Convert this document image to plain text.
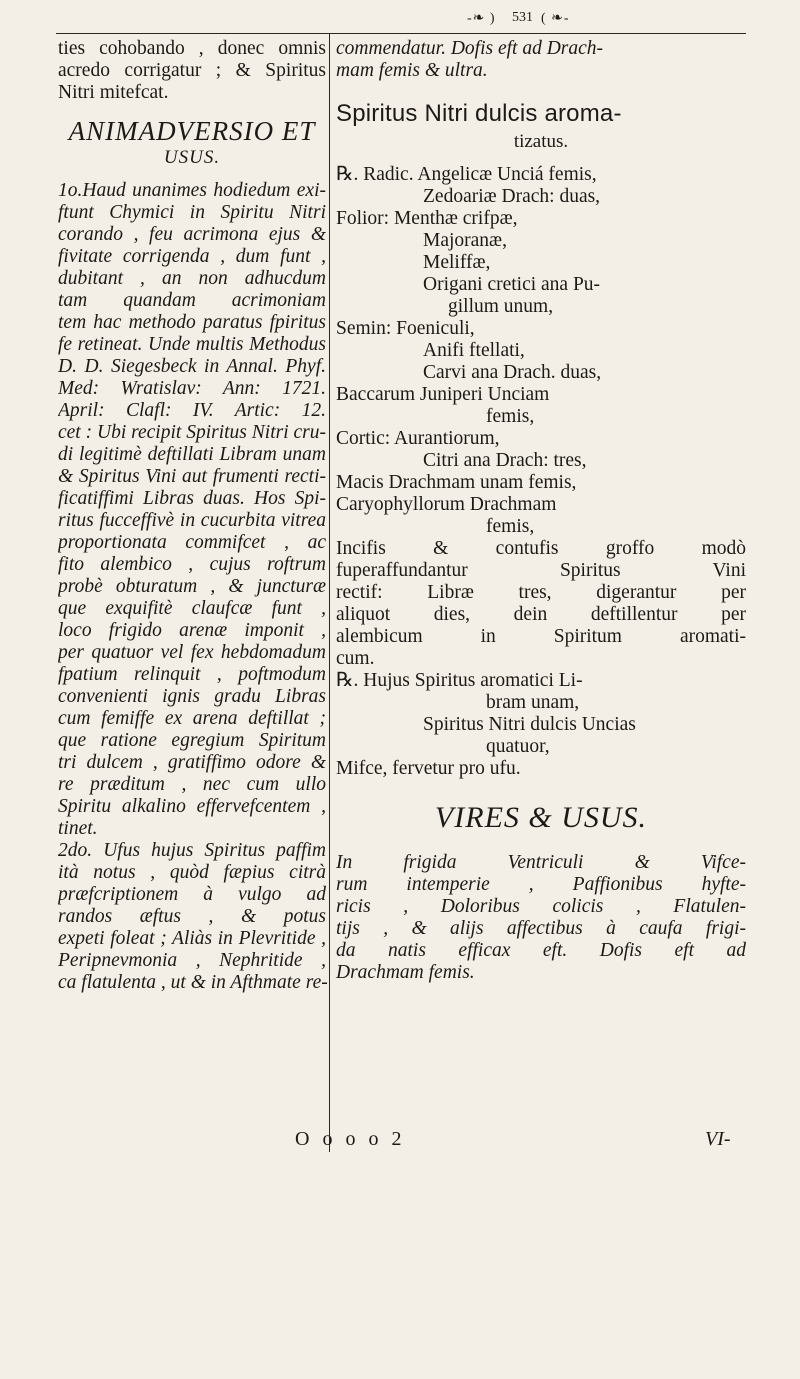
-❧ ) 531 ( ❧-
ties cohobando , donec omnis
acredo corrigatur ; & Spiritus
Nitri mitefcat.
ANIMADVERSIO ET
USUS.
1o.Haud unanimes hodiedum exi-
ftunt Chymici in Spiritu Nitri
corando , feu acrimona ejus &
fivitate corrigenda , dum funt ,
dubitant , an non adhucdum
tam quandam acrimoniam
tem hac methodo paratus fpiritus
fe retineat. Unde multis Methodus
D. D. Siegesbeck in Annal. Phyf.
Med: Wratislav: Ann: 1721.
April: Clafl: IV. Artic: 12.
cet : Ubi recipit Spiritus Nitri cru-
di legitimè deftillati Libram unam
& Spiritus Vini aut frumenti recti-
ficatiffimi Libras duas. Hos Spi-
ritus fucceffivè in cucurbita vitrea
proportionata commifcet , ac
fito alembico , cujus roftrum
probè obturatum , & juncturæ
que exquifitè claufcæ funt ,
loco frigido arenæ imponit ,
per quatuor vel fex hebdomadum
fpatium relinquit , poftmodum
convenienti ignis gradu Libras
cum femiffe ex arena deftillat ;
que ratione egregium Spiritum
tri dulcem , gratiffimo odore &
re præditum , nec cum ullo
Spiritu alkalino effervefcentem ,
tinet.
2do. Ufus hujus Spiritus paffim
ità notus , quòd fæpius citrà
præfcriptionem à vulgo ad
randos æftus , & potus
expeti foleat ; Aliàs in Plevritide ,
Peripnevmonia , Nephritide ,
ca flatulenta , ut & in Afthmate re-
commendatur. Dofis eft ad Drach-
mam femis & ultra.
Spiritus Nitri dulcis aroma-
tizatus.
℞. Radic. Angelicæ Unciá femis,
Zedoariæ Drach: duas,
Folior: Menthæ crifpæ,
Majoranæ,
Meliffæ,
Origani cretici ana Pu-
gillum unum,
Semin: Foeniculi,
Anifi ftellati,
Carvi ana Drach. duas,
Baccarum Juniperi Unciam
femis,
Cortic: Aurantiorum,
Citri ana Drach: tres,
Macis Drachmam unam femis,
Caryophyllorum Drachmam
femis,
Incifis & contufis groffo modò
fuperaffundantur Spiritus Vini
rectif: Libræ tres, digerantur per
aliquot dies, dein deftillentur per
alembicum in Spiritum aromati-
cum.
℞. Hujus Spiritus aromatici Li-
bram unam,
Spiritus Nitri dulcis Uncias
quatuor,
Mifce, fervetur pro ufu.
VIRES & USUS.
In frigida Ventriculi & Vifce-
rum intemperie , Paffionibus hyfte-
ricis , Doloribus colicis , Flatulen-
tijs , & alijs affectibus à caufa frigi-
da natis efficax eft. Dofis eft ad
Drachmam femis.
O o o o 2	VI-
